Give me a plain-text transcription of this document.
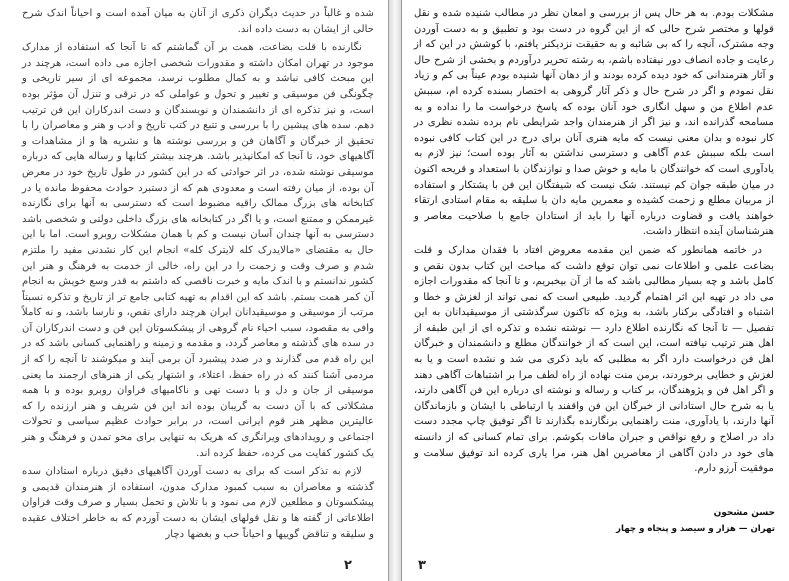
شده و غالباً در حدیث دیگران ذکری از آنان به میان آمده است و احیاناً اندک شرح حالی از ایشان به دست داده اند.

نگارنده با قلت بضاعت، همت بر آن گماشتم که تا آنجا که استفاده از مدارک موجود در تهران امکان داشته و مقدورات شخصی اجازه می داده است، هرچند در این مبحث کافی نباشد و به کمال مطلوب نرسد، مجموعه ای از سیر تاریخی و چگونگی فن موسیقی و تغییر و تحول و عواملی که در ترقی و تنزل آن مؤثر بوده است، و نیز تذکره ای از دانشمندان و نویسندگان و دست اندرکاران این فن ترتیب دهم. سده های پیشین را با بررسی و تتبع در کتب تاریخ و ادب و هنر و معاصران را با تحقیق از خبرگان و آگاهان فن و بررسی نوشته ها و نشریه ها و از مشاهدات و آگاهیهای خود، تا آنجا که امکانپذیر باشد. هرچند بیشتر کتابها و رساله هایی که درباره موسیقی نوشته شده، در اثر حوادثی که در این کشور در طول تاریخ خود در معرض آن بوده، از میان رفته است و معدودی هم که از دستبرد حوادث محفوظ مانده یا در کتابخانه های بزرگ ممالک راقیه مضبوط است که دسترسی به آنها برای نگارنده غیرممکن و ممتنع است، و یا اگر در کتابخانه های بزرگ داخلی دولتی و شخصی باشد دسترسی به آنها چندان آسان نیست و کم با همان مشکلات روبرو است. اما با این حال به مقتضای «مالایدرک کله لایترک کله» انجام این کار نشدنی مفید را ملتزم شدم و صرف وقت و زحمت را در این راه، خالی از خدمت به فرهنگ و هنر این کشور ندانستم و با اندک مایه و خبرت ناقصی که داشتم به قدر وسع خویش به انجام آن کمر همت بستم. باشد که این اقدام به تهیه کتابی جامع تر از تاریخ و تذکره نسبتاً مرتب از موسیقی و موسیقیدانان ایران هرچند دارای نقص، و نارسا باشد، و نه کاملاً وافی به مقصود، سبب احیاء نام گروهی از پیشکسوتان این فن و دست اندرکاران آن در سده های گذشته و معاصر گردد، و مقدمه و زمینه و راهنمایی کسانی باشد که در این راه قدم می گذارند و در صدد پیشبرد آن برمی آیند و میکوشند تا آنچه را که از مردمی آشنا کنند که در راه حفظ، اعتلاء، و اشتهار یکی از هنرهای ارجمند ما یعنی موسیقی از جان و دل و با دست تهی و ناکامیهای فراوان روبرو بوده و با همه مشکلاتی که با آن دست به گریبان بوده اند این فن شریف و هنر ارزنده را که عالیترین مظهر هنر قوم ایرانی است، در برابر حوادث عظیم سیاسی و تحولات اجتماعی و رویدادهای ویرانگری که هریک به تنهایی برای محو تمدن و فرهنگ و هنر یک کشور کفایت می کرده، حفظ کرده اند.

لازم به تذکر است که برای به دست آوردن آگاهیهای دقیق درباره استادان سده گذشته و معاصران به سبب کمبود مدارک مدون، استفاده از هنرمندان قدیمی و پیشکسوتان و مطلعین لازم می نمود و با تلاش و تحمل بسیار و صرف وقت فراوان اطلاعاتی از گفته ها و نقل قولهای ایشان به دست آوردم که به خاطر اختلاف عقیده و سلیقه و تناقض گوییها و احیاناً حب و بغضها دچار

۲

مشکلات بودم. به هر حال پس از بررسی و امعان نظر در مطالب شنیده شده و نقل قولها و مختصر شرح حالی که از این گروه در دست بود و تطبیق و به دست آوردن وجه مشترک، آنچه را که بی شائبه و به حقیقت نزدیکتر یافتم، با کوشش در این که از رعایت و جاده انصاف دور نیفتاده باشم، به رشته تحریر درآوردم و بخشی از شرح حال و آثار هنرمندانی که خود دیده کرده بودند و از دهان آنها شنیده بودم عیناً بی کم و زیاد نقل نمودم و اگر در شرح حال و ذکر آثار گروهی به اختصار بسنده کرده ام، سببش عدم اطلاع من و سهل انگاری خود آنان بوده که پاسخ درخواست ما را نداده و به مسامحه گذرانده اند، و نیز اگر از هنرمندان واجد شرایطی نام برده نشده نظری در کار نبوده و بدان معنی نیست که مایه هنری آنان برای درج در این کتاب کافی نبوده است بلکه سببش عدم آگاهی و دسترسی نداشتن به آثار بوده است؛ نیز لازم به یادآوری است که خوانندگان با مایه و خوش صدا و نوازندگان با استعداد و قریحه اکنون در میان طبقه جوان کم نیستند. شک نیست که شیفتگان این فن با پشتکار و استفاده از مربیان مطلع و زحمت کشیده و معمرین مایه دان با سلیقه به مقام استادی ارتقاء خواهند یافت و قضاوت درباره آنها را باید از استادان جامع با صلاحیت معاصر و هنرشناسان آینده انتظار داشت.

در خاتمه همانطور که ضمن این مقدمه معروض افتاد با فقدان مدارک و قلت بضاعت علمی و اطلاعات نمی توان توقع داشت که مباحث این کتاب بدون نقص و کامل باشد و چه بسیار مطالبی باشد که ما از آن بیخبریم، و تا آنجا که مقدورات اجازه می داد در تهیه این اثر اهتمام گردید. طبیعی است که نمی تواند از لغزش و خطا و اشتباه و افتادگی برکنار باشد، به ویژه که تاکنون سرگذشتی از موسیقیدانان به این تفصیل — تا آنجا که نگارنده اطلاع دارد — نوشته نشده و تذکره ای از این طبقه از اهل هنر ترتیب نیافته است، این است که از خوانندگان مطلع و دانشمندان و خبرگان اهل فن درخواست دارد اگر به مطلبی که باید ذکری می شد و نشده است و یا به لغزش و خطایی برخوردند، برمن منت نهاده از راه لطف مرا بر اشتباهات آگاهی دهند و اگر اهل فن و پژوهندگان، بر کتاب و رساله و نوشته ای درباره این فن آگاهی دارند، یا به شرح حال استادانی از خبرگان این فن واقفند یا ارتباطی با ایشان و بازماندگان آنها دارند، با یادآوری، منت راهنمایی برنگارنده بگذارند تا اگر توفیق چاپ مجدد دست داد در اصلاح و رفع نواقص و جبران مافات بکوشم. برای تمام کسانی که از دانسته های خود در دادن آگاهی از معاصرین اهل هنر، مرا یاری کرده اند توفیق سلامت و موفقیت آرزو دارم.

حسن مشحون
تهران — هزار و سیصد و پنجاه و چهار
۳
